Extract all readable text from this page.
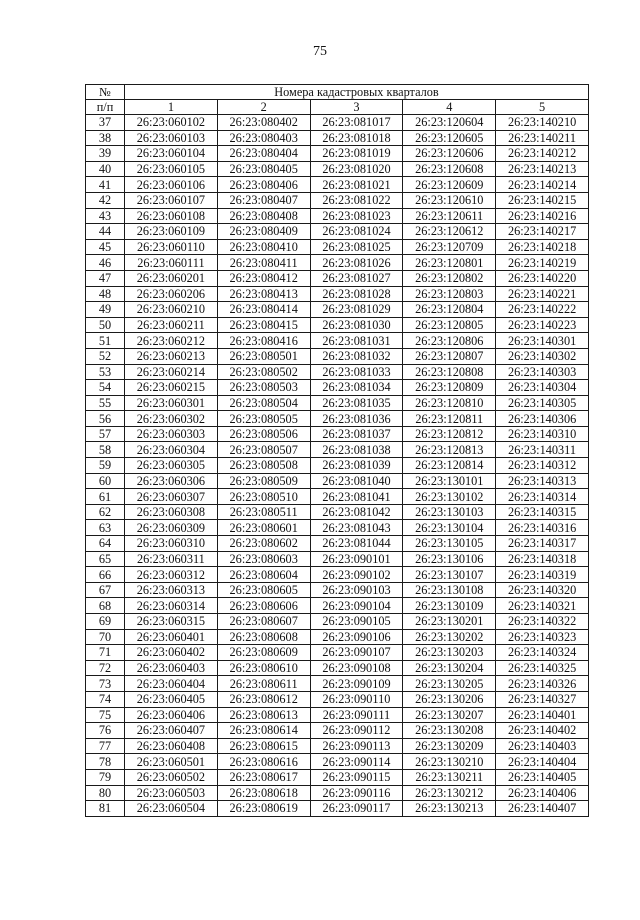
75
№	Номера кадастровых кварталов				
п/п	1	2	3	4	5
37	26:23:060102	26:23:080402	26:23:081017	26:23:120604	26:23:140210
38	26:23:060103	26:23:080403	26:23:081018	26:23:120605	26:23:140211
39	26:23:060104	26:23:080404	26:23:081019	26:23:120606	26:23:140212
40	26:23:060105	26:23:080405	26:23:081020	26:23:120608	26:23:140213
41	26:23:060106	26:23:080406	26:23:081021	26:23:120609	26:23:140214
42	26:23:060107	26:23:080407	26:23:081022	26:23:120610	26:23:140215
43	26:23:060108	26:23:080408	26:23:081023	26:23:120611	26:23:140216
44	26:23:060109	26:23:080409	26:23:081024	26:23:120612	26:23:140217
45	26:23:060110	26:23:080410	26:23:081025	26:23:120709	26:23:140218
46	26:23:060111	26:23:080411	26:23:081026	26:23:120801	26:23:140219
47	26:23:060201	26:23:080412	26:23:081027	26:23:120802	26:23:140220
48	26:23:060206	26:23:080413	26:23:081028	26:23:120803	26:23:140221
49	26:23:060210	26:23:080414	26:23:081029	26:23:120804	26:23:140222
50	26:23:060211	26:23:080415	26:23:081030	26:23:120805	26:23:140223
51	26:23:060212	26:23:080416	26:23:081031	26:23:120806	26:23:140301
52	26:23:060213	26:23:080501	26:23:081032	26:23:120807	26:23:140302
53	26:23:060214	26:23:080502	26:23:081033	26:23:120808	26:23:140303
54	26:23:060215	26:23:080503	26:23:081034	26:23:120809	26:23:140304
55	26:23:060301	26:23:080504	26:23:081035	26:23:120810	26:23:140305
56	26:23:060302	26:23:080505	26:23:081036	26:23:120811	26:23:140306
57	26:23:060303	26:23:080506	26:23:081037	26:23:120812	26:23:140310
58	26:23:060304	26:23:080507	26:23:081038	26:23:120813	26:23:140311
59	26:23:060305	26:23:080508	26:23:081039	26:23:120814	26:23:140312
60	26:23:060306	26:23:080509	26:23:081040	26:23:130101	26:23:140313
61	26:23:060307	26:23:080510	26:23:081041	26:23:130102	26:23:140314
62	26:23:060308	26:23:080511	26:23:081042	26:23:130103	26:23:140315
63	26:23:060309	26:23:080601	26:23:081043	26:23:130104	26:23:140316
64	26:23:060310	26:23:080602	26:23:081044	26:23:130105	26:23:140317
65	26:23:060311	26:23:080603	26:23:090101	26:23:130106	26:23:140318
66	26:23:060312	26:23:080604	26:23:090102	26:23:130107	26:23:140319
67	26:23:060313	26:23:080605	26:23:090103	26:23:130108	26:23:140320
68	26:23:060314	26:23:080606	26:23:090104	26:23:130109	26:23:140321
69	26:23:060315	26:23:080607	26:23:090105	26:23:130201	26:23:140322
70	26:23:060401	26:23:080608	26:23:090106	26:23:130202	26:23:140323
71	26:23:060402	26:23:080609	26:23:090107	26:23:130203	26:23:140324
72	26:23:060403	26:23:080610	26:23:090108	26:23:130204	26:23:140325
73	26:23:060404	26:23:080611	26:23:090109	26:23:130205	26:23:140326
74	26:23:060405	26:23:080612	26:23:090110	26:23:130206	26:23:140327
75	26:23:060406	26:23:080613	26:23:090111	26:23:130207	26:23:140401
76	26:23:060407	26:23:080614	26:23:090112	26:23:130208	26:23:140402
77	26:23:060408	26:23:080615	26:23:090113	26:23:130209	26:23:140403
78	26:23:060501	26:23:080616	26:23:090114	26:23:130210	26:23:140404
79	26:23:060502	26:23:080617	26:23:090115	26:23:130211	26:23:140405
80	26:23:060503	26:23:080618	26:23:090116	26:23:130212	26:23:140406
81	26:23:060504	26:23:080619	26:23:090117	26:23:130213	26:23:140407
